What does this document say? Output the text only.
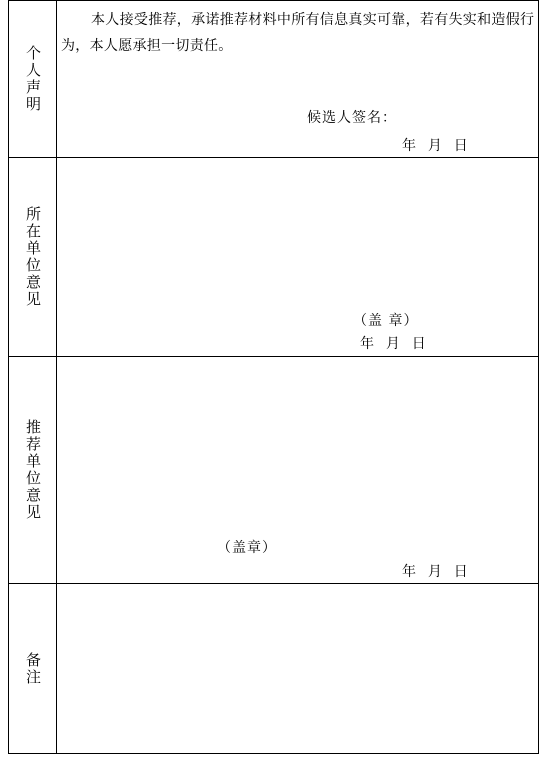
个人声明	本人接受推荐，承诺推荐材料中所有信息真实可靠，若有失实和造假行为，本人愿承担一切责任。
候选人签名：
年  月  日

所在单位意见	（盖 章）
年  月  日

推荐单位意见	（盖章）
年  月  日

备注	
